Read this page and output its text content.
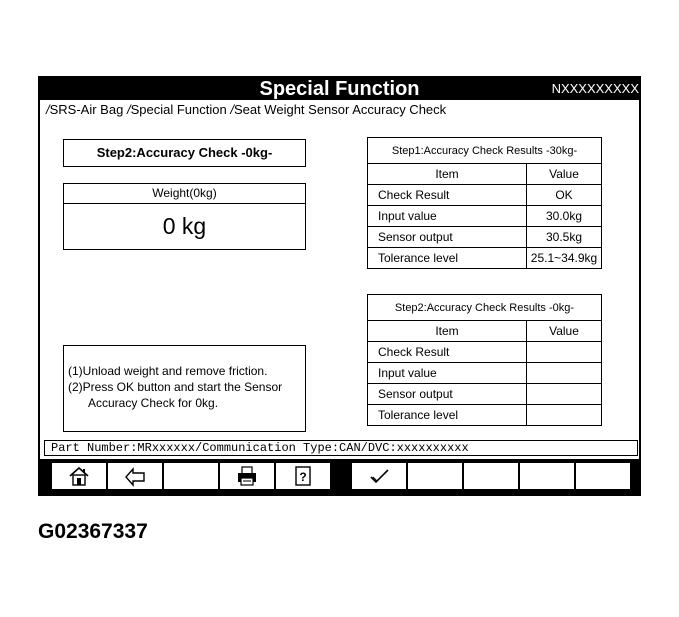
Special Function	NXXXXXXXXX
/SRS-Air Bag /Special Function /Seat Weight Sensor Accuracy Check
Step2:Accuracy Check -0kg-
Weight(0kg)
0 kg
(1)Unload weight and remove friction.
(2)Press OK button and start the Sensor
Accuracy Check for 0kg.
Step1:Accuracy Check Results -30kg-	
Item	Value
Check Result	OK
Input value	30.0kg
Sensor output	30.5kg
Tolerance level	25.1~34.9kg
Step2:Accuracy Check Results -0kg-	
Item	Value
Check Result	
Input value	
Sensor output	
Tolerance level	
Part Number:MRxxxxxx/Communication Type:CAN/DVC:xxxxxxxxxx
?
G02367337
